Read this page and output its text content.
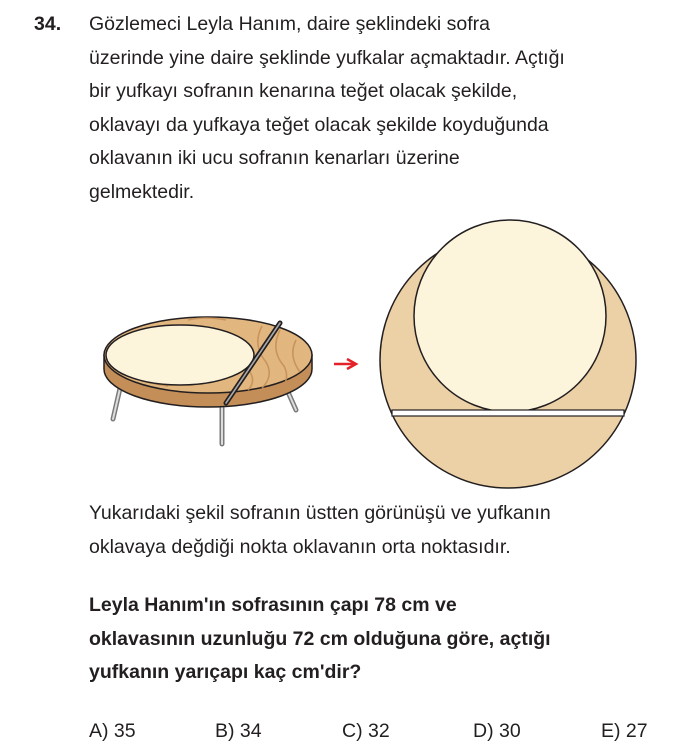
34. Gözlemeci Leyla Hanım, daire şeklindeki sofra
üzerinde yine daire şeklinde yufkalar açmaktadır. Açtığı
bir yufkayı sofranın kenarına teğet olacak şekilde,
oklavayı da yufkaya teğet olacak şekilde koyduğunda
oklavanın iki ucu sofranın kenarları üzerine
gelmektedir.

Yukarıdaki şekil sofranın üstten görünüşü ve yufkanın
oklavaya değdiği nokta oklavanın orta noktasıdır.

Leyla Hanım'ın sofrasının çapı 78 cm ve
oklavasının uzunluğu 72 cm olduğuna göre, açtığı
yufkanın yarıçapı kaç cm'dir?

A) 35	B) 34	C) 32	D) 30	E) 27
